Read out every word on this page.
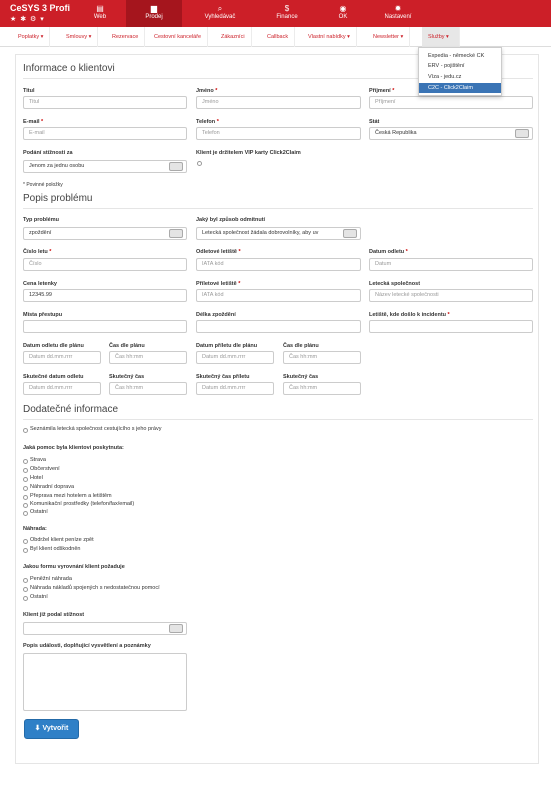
CeSYS 3 Profi
★ ✱ ⚙ ▾
▤
Web
▆
Prodej
⌕
Vyhledávač
$
Finance
◉
OK
✹
Nastavení
Poplatky ▾	Smlouvy ▾	Rezervace	Cestovní kanceláře	Zákazníci	Callback	Vlastní nabídky ▾	Newsletter ▾	Služby ▾
Expedia - německé CK
ERV - pojištění
Víza - jedu.cz
C2C - Click2Claim
Informace o klientovi
Titul
Titul
Jméno *
Jméno
Příjmení *
Příjmení
E-mail *
E-mail
Telefon *
Telefon
Stát
Česká Republika
Podání stížnosti za
Jenom za jednu osobu
Klient je držitelem VIP karty Click2Claim
* Povinné položky
Popis problému
Typ problému
zpoždění
Jaký byl způsob odmítnutí
Letecká společnost žádala dobrovolníky, aby uv
Číslo letu *
Číslo
Odletové letiště *
IATA kód
Datum odletu *
Datum
Cena letenky
12345.99
Příletové letiště *
IATA kód
Letecká společnost
Název letecké společnosti
Místa přestupu	Délka zpoždění	Letiště, kde došlo k incidentu *
Datum odletu dle plánu
Datum dd.mm.rrrr
Čas dle plánu
Čas hh:mm
Datum příletu dle plánu
Datum dd.mm.rrrr
Čas dle plánu
Čas hh:mm
Skutečné datum odletu
Datum dd.mm.rrrr
Skutečný čas
Čas hh:mm
Skutečný čas příletu
Datum dd.mm.rrrr
Skutečný čas
Čas hh:mm
Dodatečné informace
Seznámila letecká společnost cestujícího s jeho právy
Jaká pomoc byla klientovi poskytnuta:
Strava
Občerstvení
Hotel
Náhradní doprava
Přeprava mezi hotelem a letištěm
Komunikační prostředky (telefon/fax/email)
Ostatní
Náhrada:
Obdržel klient peníze zpět
Byl klient odškodněn
Jakou formu vyrovnání klient požaduje
Peněžní náhrada
Náhrada nákladů spojených s nedostatečnou pomocí
Ostatní
Klient již podal stížnost
Popis události, doplňující vysvětlení a poznámky
⬇ Vytvořit
